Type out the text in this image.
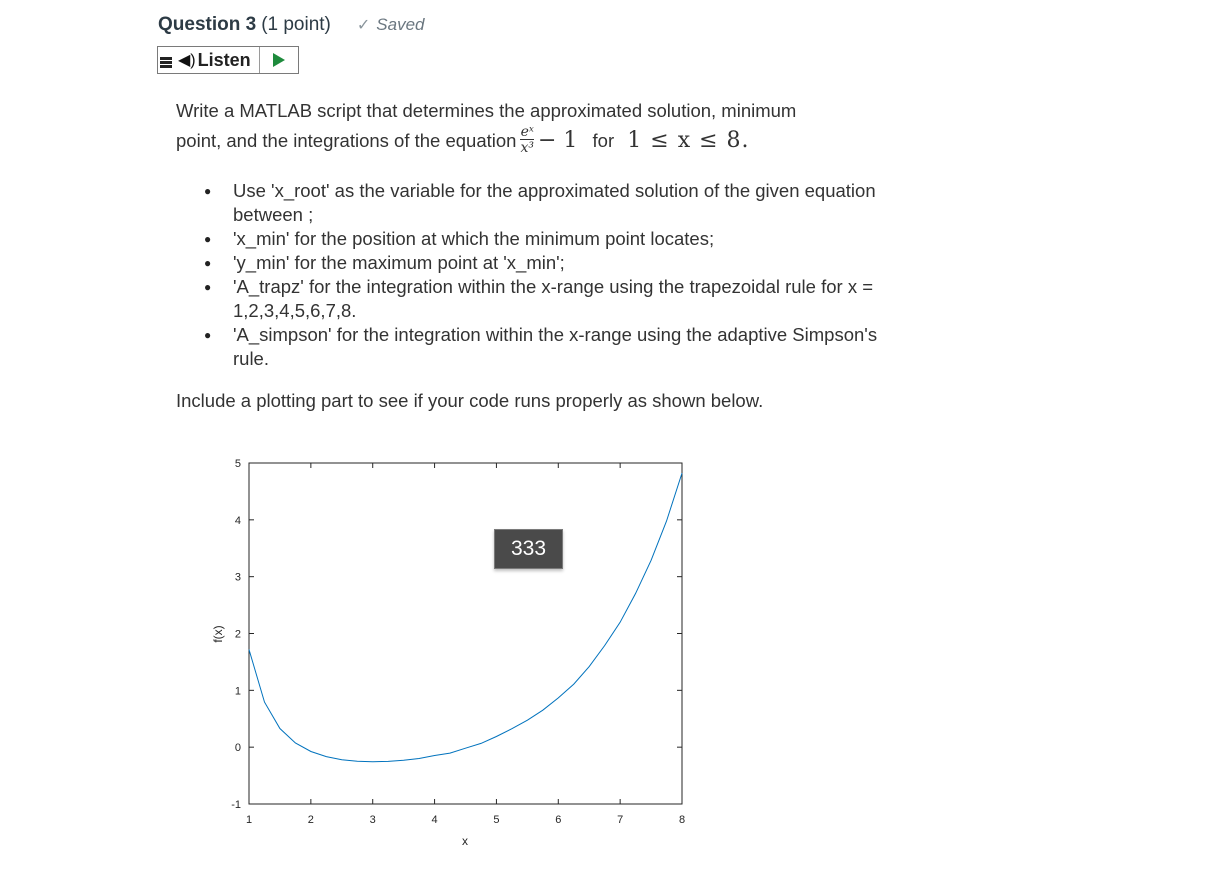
Question 3 (1 point) ✓ Saved
◀) Listen
Write a MATLAB script that determines the approximated solution, minimum
point, and the integrations of the equation $\frac{\text{eˣ}}{\text{x³}} - 1$ for 1 ≤ x ≤ 8.
● Use 'x_root' as the variable for the approximated solution of the given equation between ;
● 'x_min' for the position at which the minimum point locates;
● 'y_min' for the maximum point at 'x_min';
● 'A_trapz' for the integration within the x-range using the trapezoidal rule for x = 1,2,3,4,5,6,7,8.
● 'A_simpson' for the integration within the x-range using the adaptive Simpson's rule.
Include a plotting part to see if your code runs properly as shown below.
1	2	3	4	5	6	7	8
-1
0
1
2
3
4
5
x
f(x)
333
